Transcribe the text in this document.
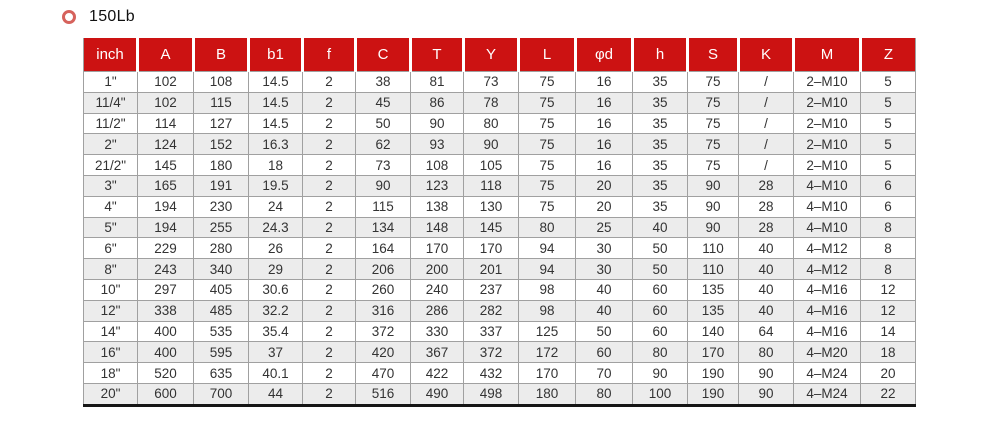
150Lb
inch	A	B	b1	f	C	T	Y	L	φd	h	S	K	M	Z
1"	102	108	14.5	2	38	81	73	75	16	35	75	/	2–M10	5
11/4"	102	115	14.5	2	45	86	78	75	16	35	75	/	2–M10	5
11/2"	114	127	14.5	2	50	90	80	75	16	35	75	/	2–M10	5
2"	124	152	16.3	2	62	93	90	75	16	35	75	/	2–M10	5
21/2"	145	180	18	2	73	108	105	75	16	35	75	/	2–M10	5
3"	165	191	19.5	2	90	123	118	75	20	35	90	28	4–M10	6
4"	194	230	24	2	115	138	130	75	20	35	90	28	4–M10	6
5"	194	255	24.3	2	134	148	145	80	25	40	90	28	4–M10	8
6"	229	280	26	2	164	170	170	94	30	50	110	40	4–M12	8
8"	243	340	29	2	206	200	201	94	30	50	110	40	4–M12	8
10"	297	405	30.6	2	260	240	237	98	40	60	135	40	4–M16	12
12"	338	485	32.2	2	316	286	282	98	40	60	135	40	4–M16	12
14"	400	535	35.4	2	372	330	337	125	50	60	140	64	4–M16	14
16"	400	595	37	2	420	367	372	172	60	80	170	80	4–M20	18
18"	520	635	40.1	2	470	422	432	170	70	90	190	90	4–M24	20
20"	600	700	44	2	516	490	498	180	80	100	190	90	4–M24	22
